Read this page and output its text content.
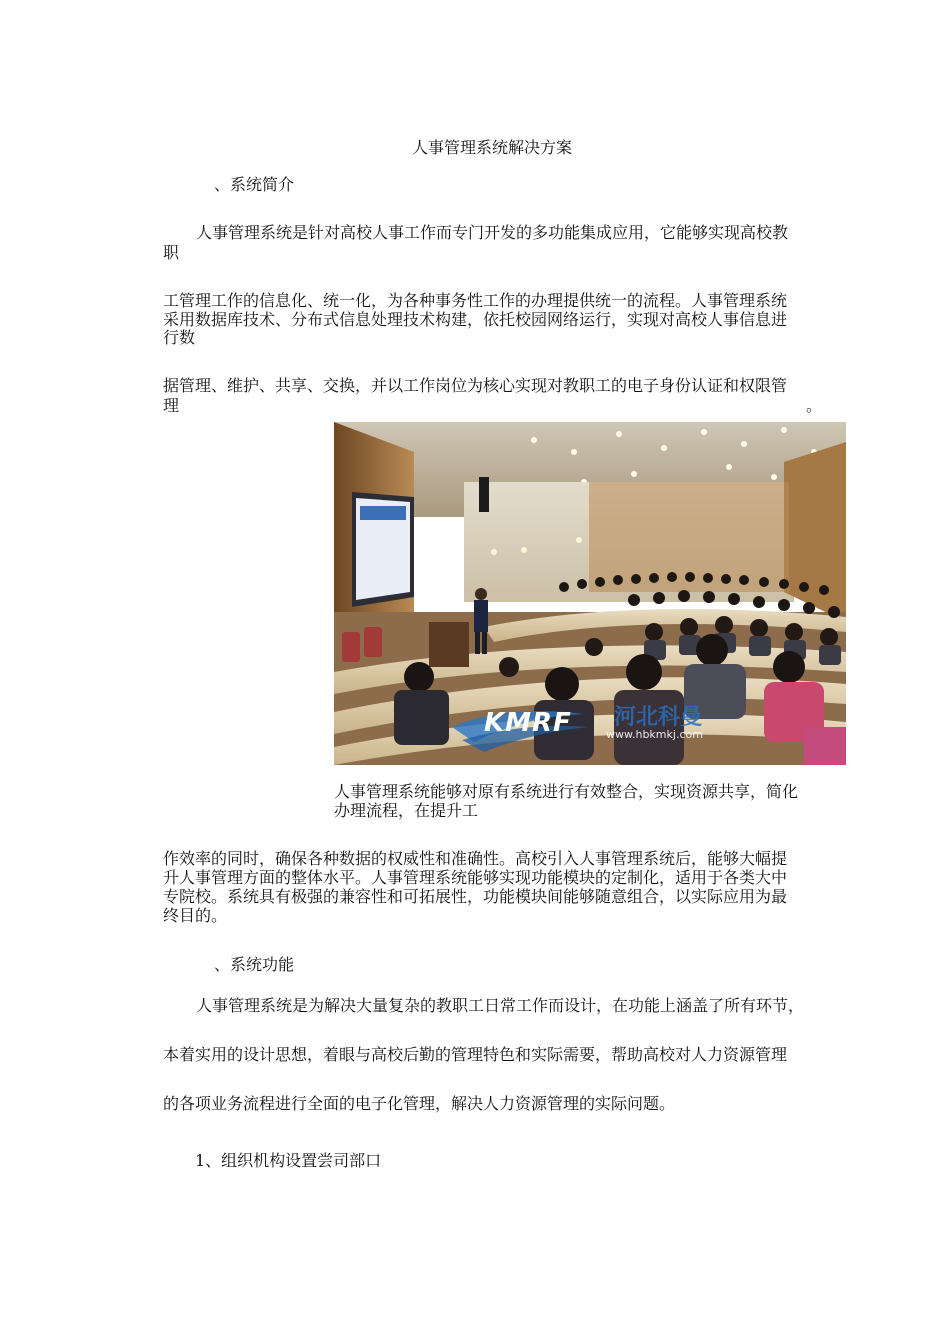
人事管理系统解决方案
、系统简介
人事管理系统是针对高校人事工作而专门开发的多功能集成应用，它能够实现高校教
职
工管理工作的信息化、统一化，为各种事务性工作的办理提供统一的流程。人事管理系统
采用数据库技术、分布式信息处理技术构建，依托校园网络运行，实现对高校人事信息进
行数
据管理、维护、共享、交换，并以工作岗位为核心实现对教职工的电子身份认证和权限管
理	。
KMRF 河北科曼
www.hbkmkj.com
人事管理系统能够对原有系统进行有效整合，实现资源共享，简化
办理流程，在提升工
作效率的同时，确保各种数据的权威性和准确性。高校引入人事管理系统后，能够大幅提
升人事管理方面的整体水平。人事管理系统能够实现功能模块的定制化，适用于各类大中
专院校。系统具有极强的兼容性和可拓展性，功能模块间能够随意组合，以实际应用为最
终目的。
、系统功能
人事管理系统是为解决大量复杂的教职工日常工作而设计，在功能上涵盖了所有环节，
本着实用的设计思想，着眼与高校后勤的管理特色和实际需要，帮助高校对人力资源管理
的各项业务流程进行全面的电子化管理，解决人力资源管理的实际问题。
1、组织机构设置尝司部口
